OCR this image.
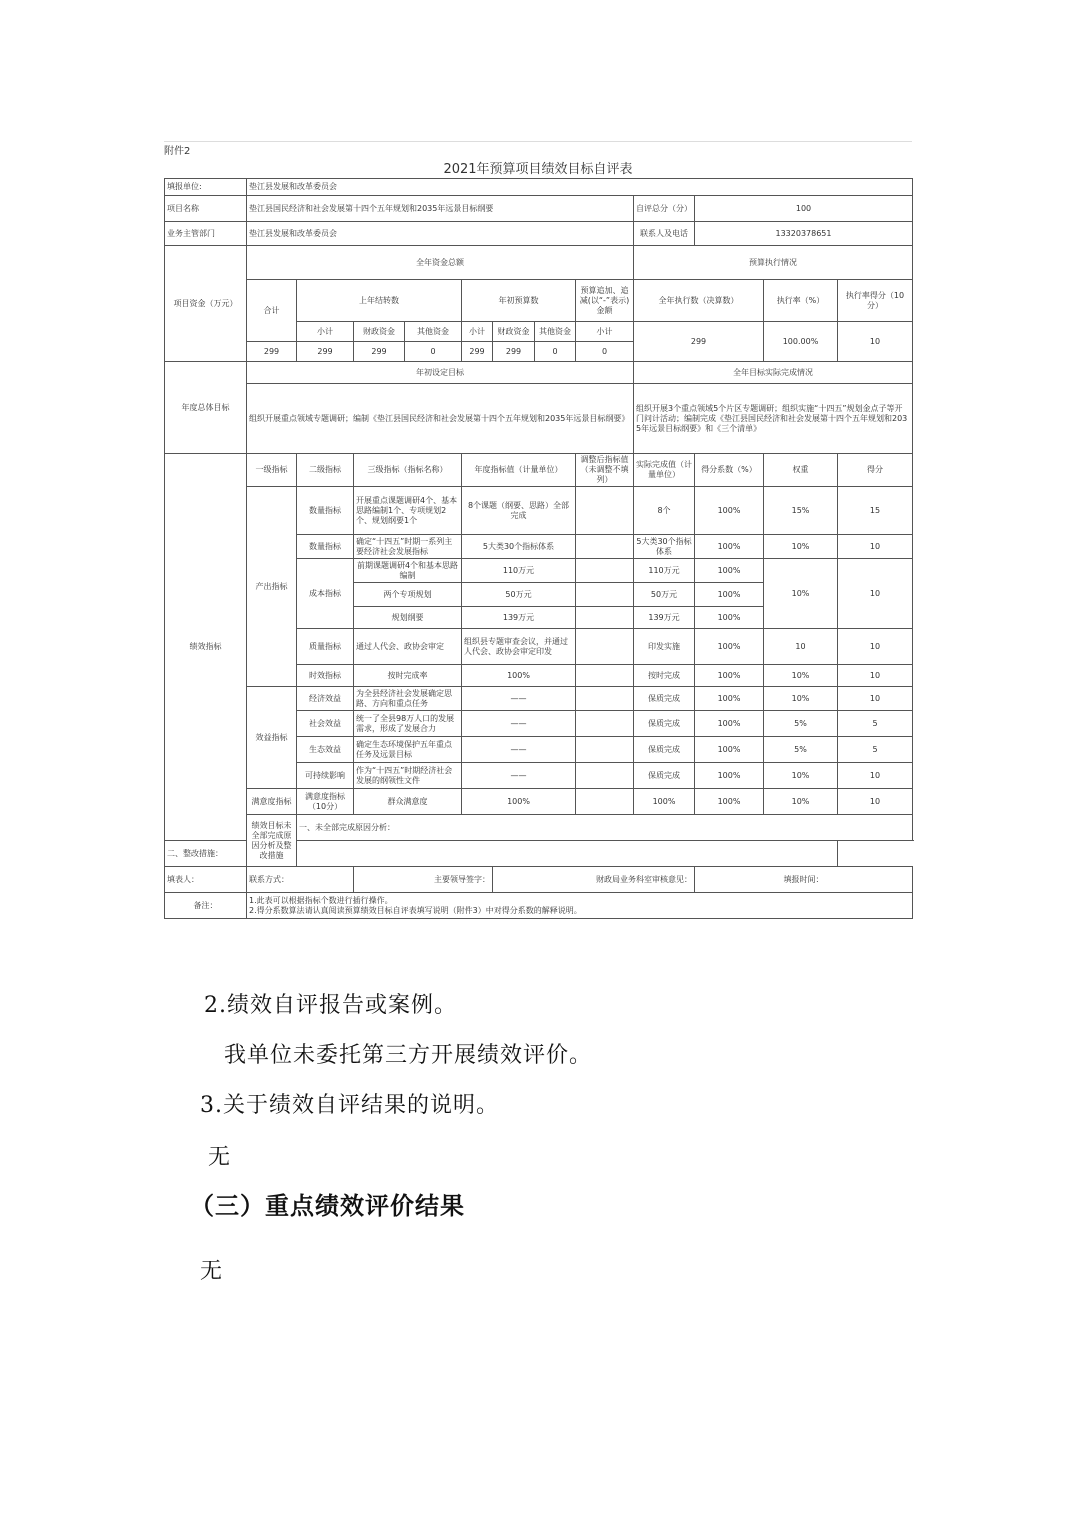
附件2
2021年预算项目绩效目标自评表
填报单位:	垫江县发展和改革委员会											
项目名称	垫江县国民经济和社会发展第十四个五年规划和2035年远景目标纲要								自评总分（分）	100		
业务主管部门	垫江县发展和改革委员会								联系人及电话	13320378651		
项目资金（万元）	全年资金总额								预算执行情况			
	合计	上年结转数			年初预算数			预算追加、追减(以“-”表示)金额	全年执行数（决算数）		执行率（%）	执行率得分（10分）
		小计	财政资金	其他资金	小计	财政资金	其他资金	小计	299		100.00%	10
	299	299	299	0	299	299	0	0				
年度总体目标	年初设定目标								全年目标实际完成情况			
	组织开展重点领域专题调研；编制《垫江县国民经济和社会发展第十四个五年规划和2035年远景目标纲要》								组织开展3个重点领域5个片区专题调研；组织实施“十四五”规划金点子等开门问计活动；编制完成《垫江县国民经济和社会发展第十四个五年规划和2035年远景目标纲要》和《三个清单》			
绩效指标	一级指标	二级指标	三级指标（指标名称）		年度指标值（计量单位）			调整后指标值（未调整不填列）	实际完成值（计量单位）	得分系数（%）	权重	得分
	产出指标	数量指标	开展重点课题调研4个、基本思路编制1个、专项规划2个、规划纲要1个		8个课题（纲要、思路）全部完成				8个	100%	15%	15
		数量指标	确定“十四五”时期一系列主要经济社会发展指标		5大类30个指标体系				5大类30个指标体系	100%	10%	10
		成本指标	前期课题调研4个和基本思路编制		110万元				110万元	100%	10%	10
			两个专项规划		50万元				50万元	100%		
			规划纲要		139万元				139万元	100%		
		质量指标	通过人代会、政协会审定		组织县专题审查会议，并通过人代会、政协会审定印发				印发实施	100%	10	10
		时效指标	按时完成率		100%				按时完成	100%	10%	10
	效益指标	经济效益	为全县经济社会发展确定思路、方向和重点任务		——				保质完成	100%	10%	10
		社会效益	统一了全县98万人口的发展需求，形成了发展合力		——				保质完成	100%	5%	5
		生态效益	确定生态环境保护五年重点任务及远景目标		——				保质完成	100%	5%	5
		可持续影响	作为“十四五”时期经济社会发展的纲领性文件		——				保质完成	100%	10%	10
	满意度指标	满意度指标（10分）	群众满意度		100%				100%	100%	10%	10
	绩效目标未全部完成原因分析及整改措施	一、未全部完成原因分析：										
二、整改措施：												
填表人：	联系方式：		主要领导签字：			财政局业务科室审核意见：				填报时间：		
备注：	1.此表可以根据指标个数进行插行操作。
2.得分系数算法请认真阅读预算绩效目标自评表填写说明（附件3）中对得分系数的解释说明。											
2.绩效自评报告或案例。
我单位未委托第三方开展绩效评价。
3.关于绩效自评结果的说明。
无
（三）重点绩效评价结果
无
